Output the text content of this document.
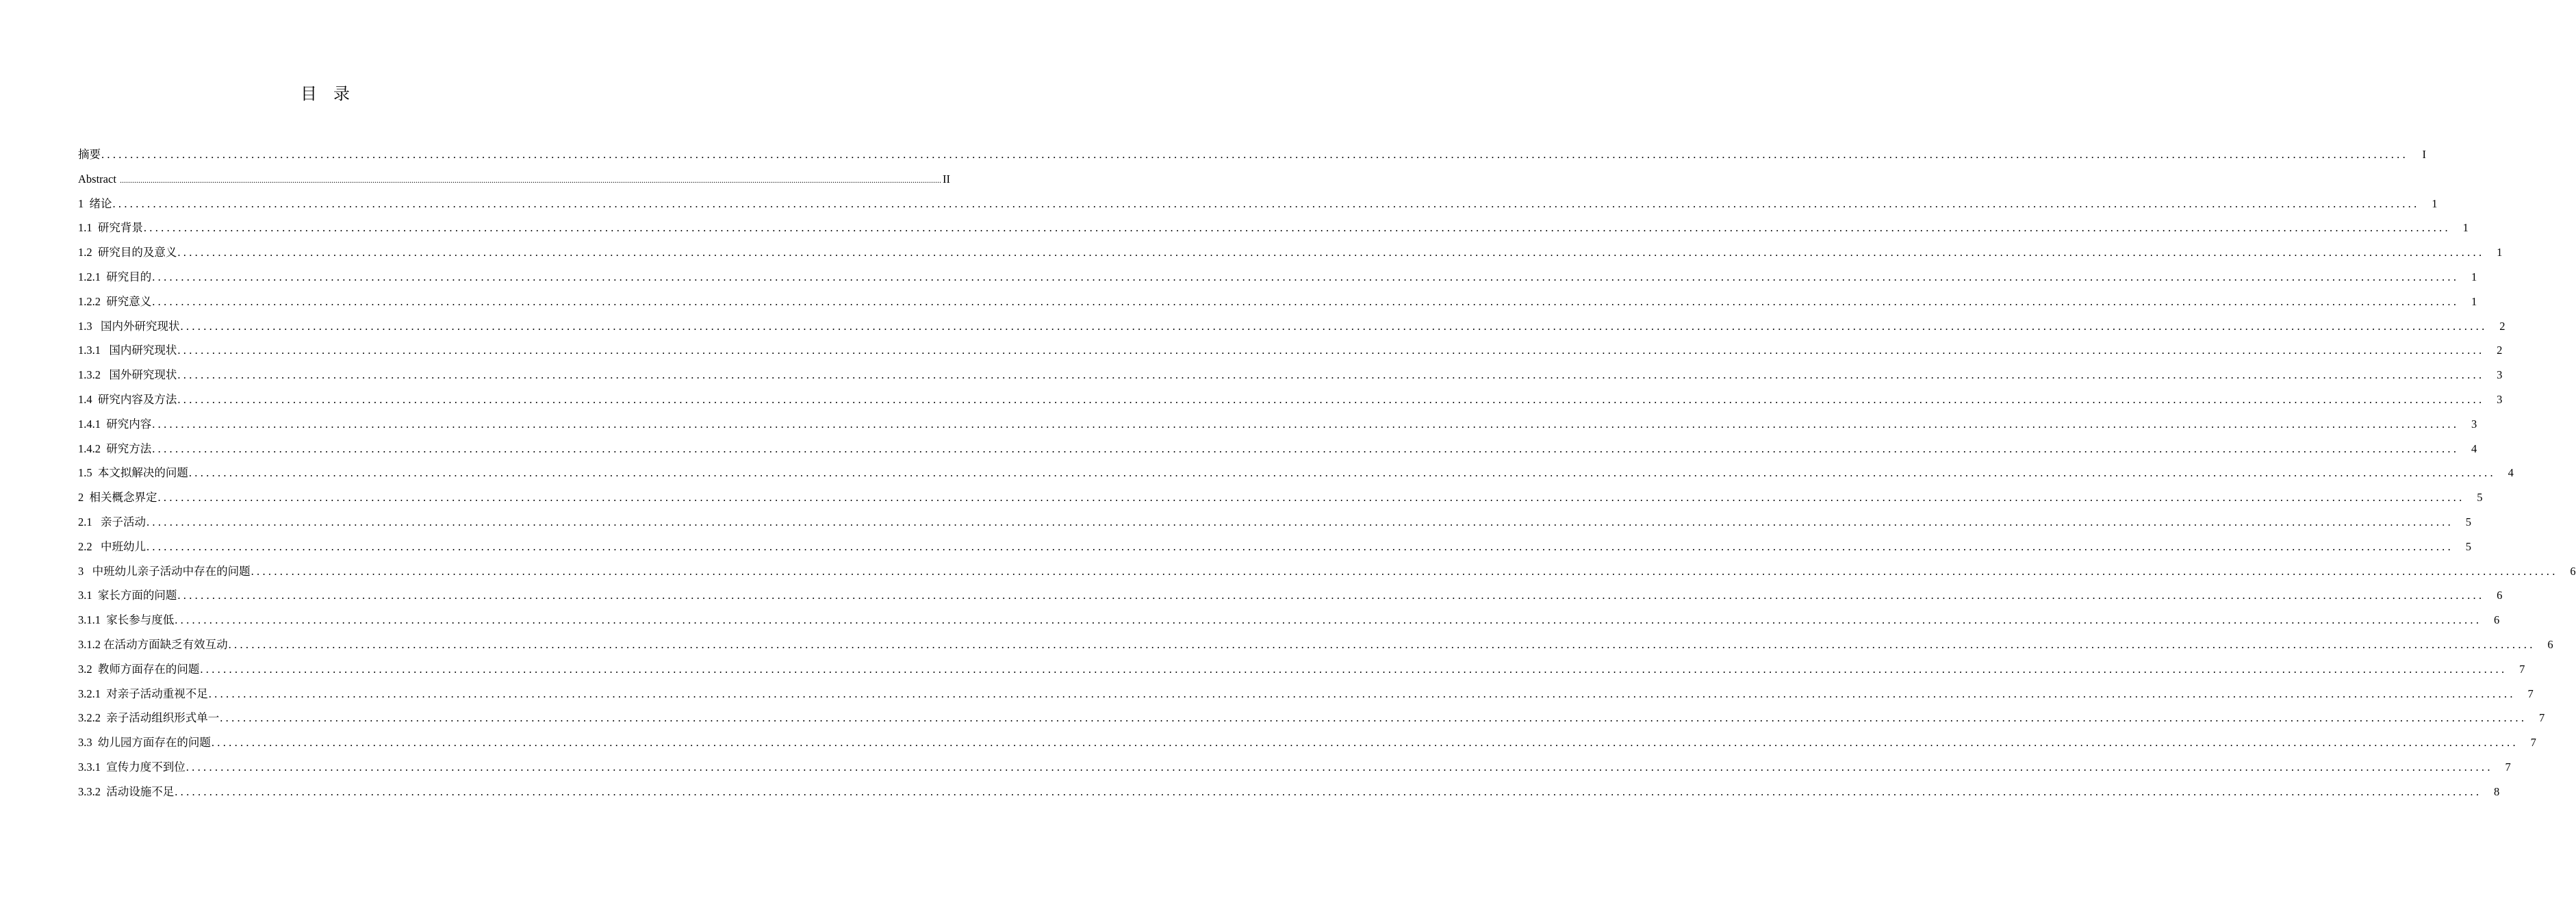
目录
摘要 ................................................................................................................................................................................................................................................................................................................................................................................................................	I
Abstract ................................................................................................................................................................................................................................................................................................................................................................................................................ II
1  绪论 ................................................................................................................................................................................................................................................................................................................................................................................................................	1
1.1  研究背景 ................................................................................................................................................................................................................................................................................................................................................................................................................	1
1.2  研究目的及意义 ................................................................................................................................................................................................................................................................................................................................................................................................................	1
1.2.1  研究目的 ................................................................................................................................................................................................................................................................................................................................................................................................................	1
1.2.2  研究意义 ................................................................................................................................................................................................................................................................................................................................................................................................................	1
1.3   国内外研究现状 ................................................................................................................................................................................................................................................................................................................................................................................................................	2
1.3.1   国内研究现状 ................................................................................................................................................................................................................................................................................................................................................................................................................	2
1.3.2   国外研究现状 ................................................................................................................................................................................................................................................................................................................................................................................................................	3
1.4  研究内容及方法 ................................................................................................................................................................................................................................................................................................................................................................................................................	3
1.4.1  研究内容 ................................................................................................................................................................................................................................................................................................................................................................................................................	3
1.4.2  研究方法 ................................................................................................................................................................................................................................................................................................................................................................................................................	4
1.5  本文拟解决的问题 ................................................................................................................................................................................................................................................................................................................................................................................................................	4
2  相关概念界定 ................................................................................................................................................................................................................................................................................................................................................................................................................	5
2.1   亲子活动 ................................................................................................................................................................................................................................................................................................................................................................................................................	5
2.2   中班幼儿 ................................................................................................................................................................................................................................................................................................................................................................................................................	5
3   中班幼儿亲子活动中存在的问题 ................................................................................................................................................................................................................................................................................................................................................................................................................	6
3.1  家长方面的问题 ................................................................................................................................................................................................................................................................................................................................................................................................................	6
3.1.1  家长参与度低 ................................................................................................................................................................................................................................................................................................................................................................................................................	6
3.1.2 在活动方面缺乏有效互动 ................................................................................................................................................................................................................................................................................................................................................................................................................	6
3.2  教师方面存在的问题 ................................................................................................................................................................................................................................................................................................................................................................................................................	7
3.2.1  对亲子活动重视不足 ................................................................................................................................................................................................................................................................................................................................................................................................................	7
3.2.2  亲子活动组织形式单一 ................................................................................................................................................................................................................................................................................................................................................................................................................	7
3.3  幼儿园方面存在的问题 ................................................................................................................................................................................................................................................................................................................................................................................................................	7
3.3.1  宣传力度不到位 ................................................................................................................................................................................................................................................................................................................................................................................................................	7
3.3.2  活动设施不足 ................................................................................................................................................................................................................................................................................................................................................................................................................	8
